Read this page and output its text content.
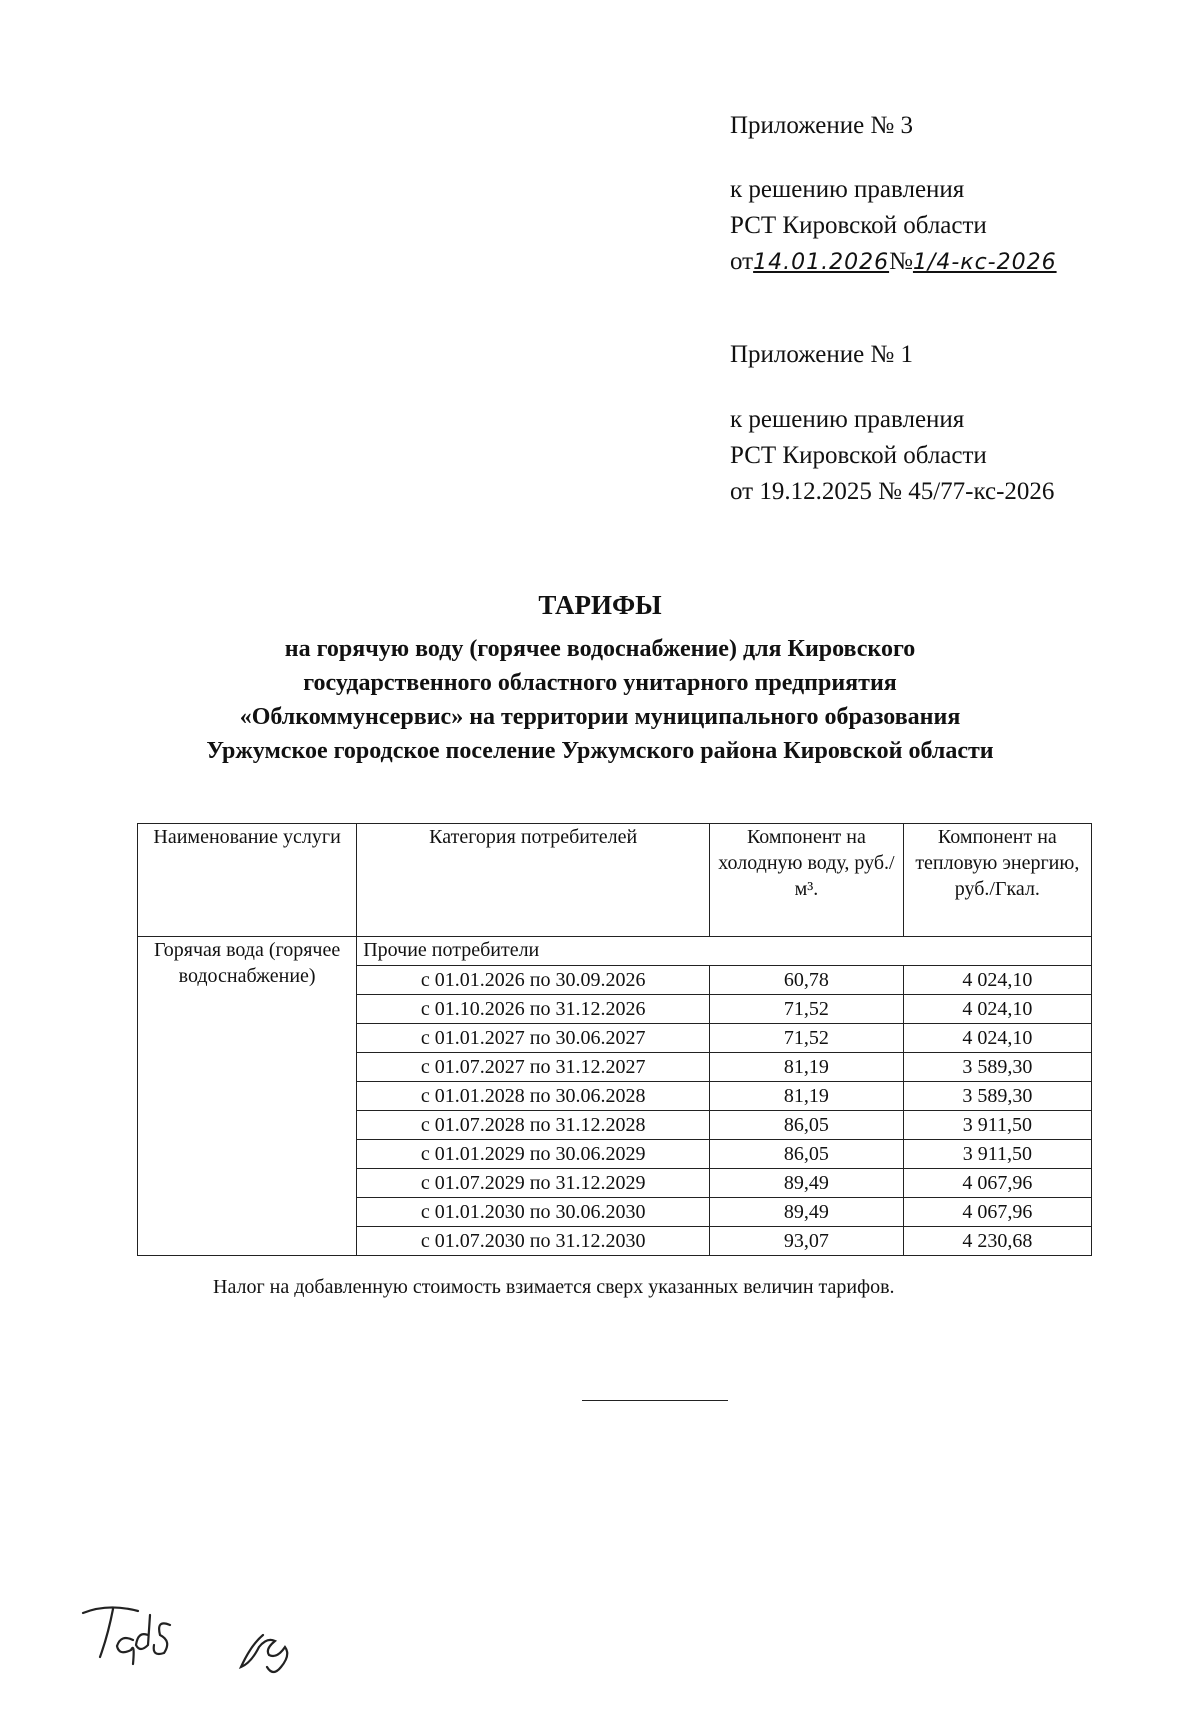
Приложение № 3
к решению правления
РСТ Кировской области
от14.01.2026№1/4-кс-2026
Приложение № 1
к решению правления
РСТ Кировской области
от 19.12.2025 № 45/77-кс-2026
ТАРИФЫ
на горячую воду (горячее водоснабжение) для Кировского
государственного областного унитарного предприятия
«Облкоммунсервис» на территории муниципального образования
Уржумское городское поселение Уржумского района Кировской области
Наименование услуги	Категория потребителей	Компонент на холодную воду, руб./м³.	Компонент на тепловую энергию, руб./Гкал.
Горячая вода (горячее водоснабжение)	Прочие потребители		
	с 01.01.2026 по 30.09.2026	60,78	4 024,10
	с 01.10.2026 по 31.12.2026	71,52	4 024,10
	с 01.01.2027 по 30.06.2027	71,52	4 024,10
	с 01.07.2027 по 31.12.2027	81,19	3 589,30
	с 01.01.2028 по 30.06.2028	81,19	3 589,30
	с 01.07.2028 по 31.12.2028	86,05	3 911,50
	с 01.01.2029 по 30.06.2029	86,05	3 911,50
	с 01.07.2029 по 31.12.2029	89,49	4 067,96
	с 01.01.2030 по 30.06.2030	89,49	4 067,96
	с 01.07.2030 по 31.12.2030	93,07	4 230,68
Налог на добавленную стоимость взимается сверх указанных величин тарифов.
